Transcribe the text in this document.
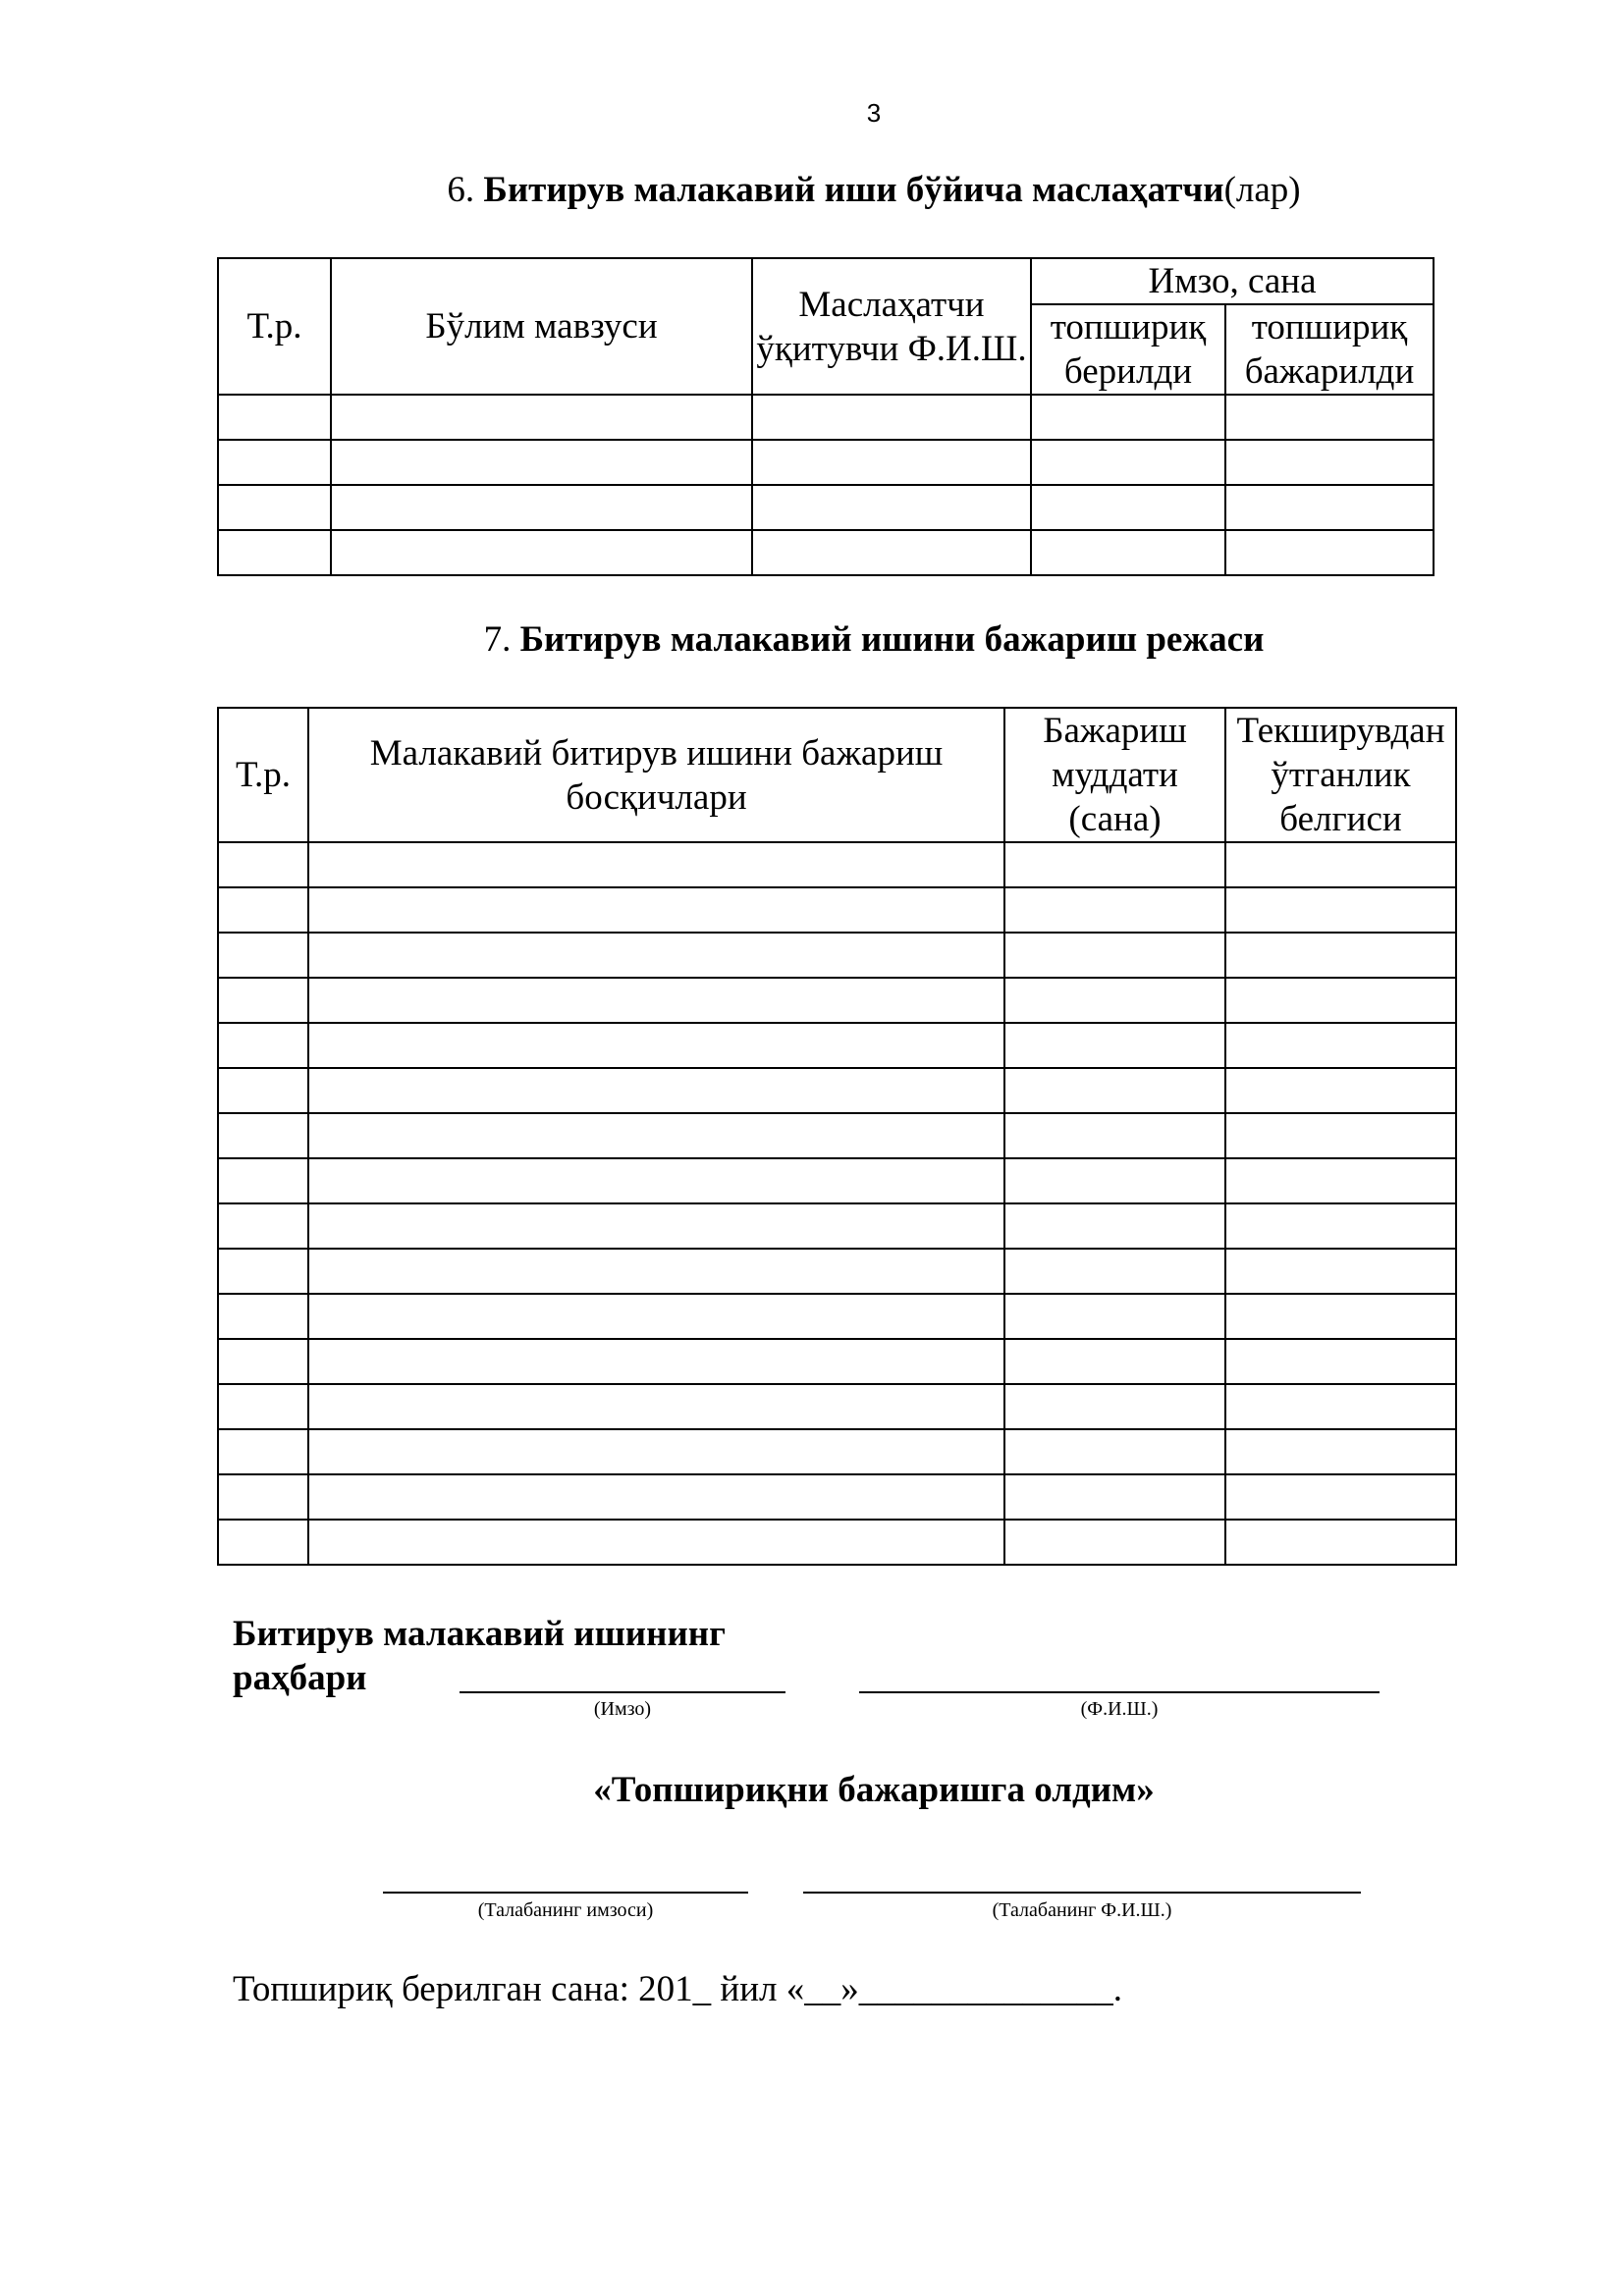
3
6. Битирув малакавий иши бўйича маслаҳатчи(лар)
Т.р.	Бўлим мавзуси	Маслаҳатчи ўқитувчи Ф.И.Ш.	Имзо, сана	
			топшириқ берилди	топшириқ бажарилди

7. Битирув малакавий ишини бажариш режаси
Т.р.	Малакавий битирув ишини бажариш босқичлари	Бажариш муддати (сана)	Текширувдан ўтганлик белгиси

Битирув малакавий ишининг раҳбари
(Имзо)	(Ф.И.Ш.)
«Топшириқни бажаришга олдим»
(Талабанинг имзоси)	(Талабанинг Ф.И.Ш.)
Топшириқ берилган сана: 201_ йил «__»______________.
